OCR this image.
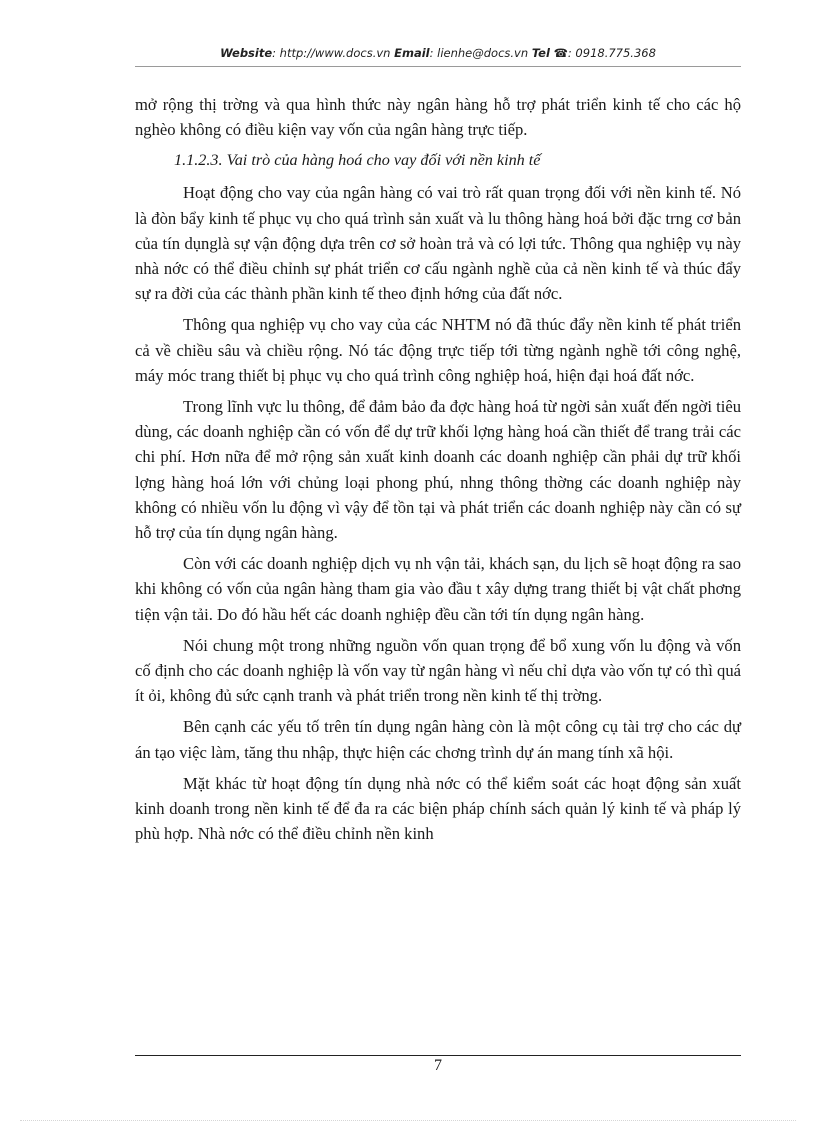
Website: http://www.docs.vn Email: lienhe@docs.vn Tel ☎: 0918.775.368

mở rộng thị trờng và qua hình thức này ngân hàng hỗ trợ phát triển kinh tế cho các hộ nghèo không có điều kiện vay vốn của ngân hàng trực tiếp.

1.1.2.3. Vai trò của hàng hoá cho vay đối với nền kinh tế

Hoạt động cho vay của ngân hàng có vai trò rất quan trọng đối với nền kinh tế. Nó là đòn bẩy kinh tế phục vụ cho quá trình sản xuất và lu thông hàng hoá bởi đặc trng cơ bản của tín dụnglà sự vận động dựa trên cơ sở hoàn trả và có lợi tức. Thông qua nghiệp vụ này nhà nớc có thể điều chỉnh sự phát triển cơ cấu ngành nghề của cả nền kinh tế và thúc đẩy sự ra đời của các thành phần kinh tế theo định hớng của đất nớc.

Thông qua nghiệp vụ cho vay của các NHTM nó đã thúc đẩy nền kinh tế phát triển cả về chiều sâu và chiều rộng. Nó tác động trực tiếp tới từng ngành nghề tới công nghệ, máy móc trang thiết bị phục vụ cho quá trình công nghiệp hoá, hiện đại hoá đất nớc.

Trong lĩnh vực lu thông, để đảm bảo đa đợc hàng hoá từ ngời sản xuất đến ngời tiêu dùng, các doanh nghiệp cần có vốn để dự trữ khối lợng hàng hoá cần thiết để trang trải các chi phí. Hơn nữa để mở rộng sản xuất kinh doanh các doanh nghiệp cần phải dự trữ khối lợng hàng hoá lớn với chủng loại phong phú, nhng thông thờng các doanh nghiệp này không có nhiều vốn lu động vì vậy để tồn tại và phát triển các doanh nghiệp này cần có sự hỗ trợ của tín dụng ngân hàng.

Còn với các doanh nghiệp dịch vụ nh vận tải, khách sạn, du lịch sẽ hoạt động ra sao khi không có vốn của ngân hàng tham gia vào đầu t xây dựng trang thiết bị vật chất phơng tiện vận tải. Do đó hầu hết các doanh nghiệp đều cần tới tín dụng ngân hàng.

Nói chung một trong những nguồn vốn quan trọng để bổ xung vốn lu động và vốn cố định cho các doanh nghiệp là vốn vay từ ngân hàng vì nếu chỉ dựa vào vốn tự có thì quá ít ỏi, không đủ sức cạnh tranh và phát triển trong nền kinh tế thị trờng.

Bên cạnh các yếu tố trên tín dụng ngân hàng còn là một công cụ tài trợ cho các dự án tạo việc làm, tăng thu nhập, thực hiện các chơng trình dự án mang tính xã hội.

Mặt khác từ hoạt động tín dụng nhà nớc có thể kiểm soát các hoạt động sản xuất kinh doanh trong nền kinh tế để đa ra các biện pháp chính sách quản lý kinh tế và pháp lý phù hợp. Nhà nớc có thể điều chỉnh nền kinh

7
